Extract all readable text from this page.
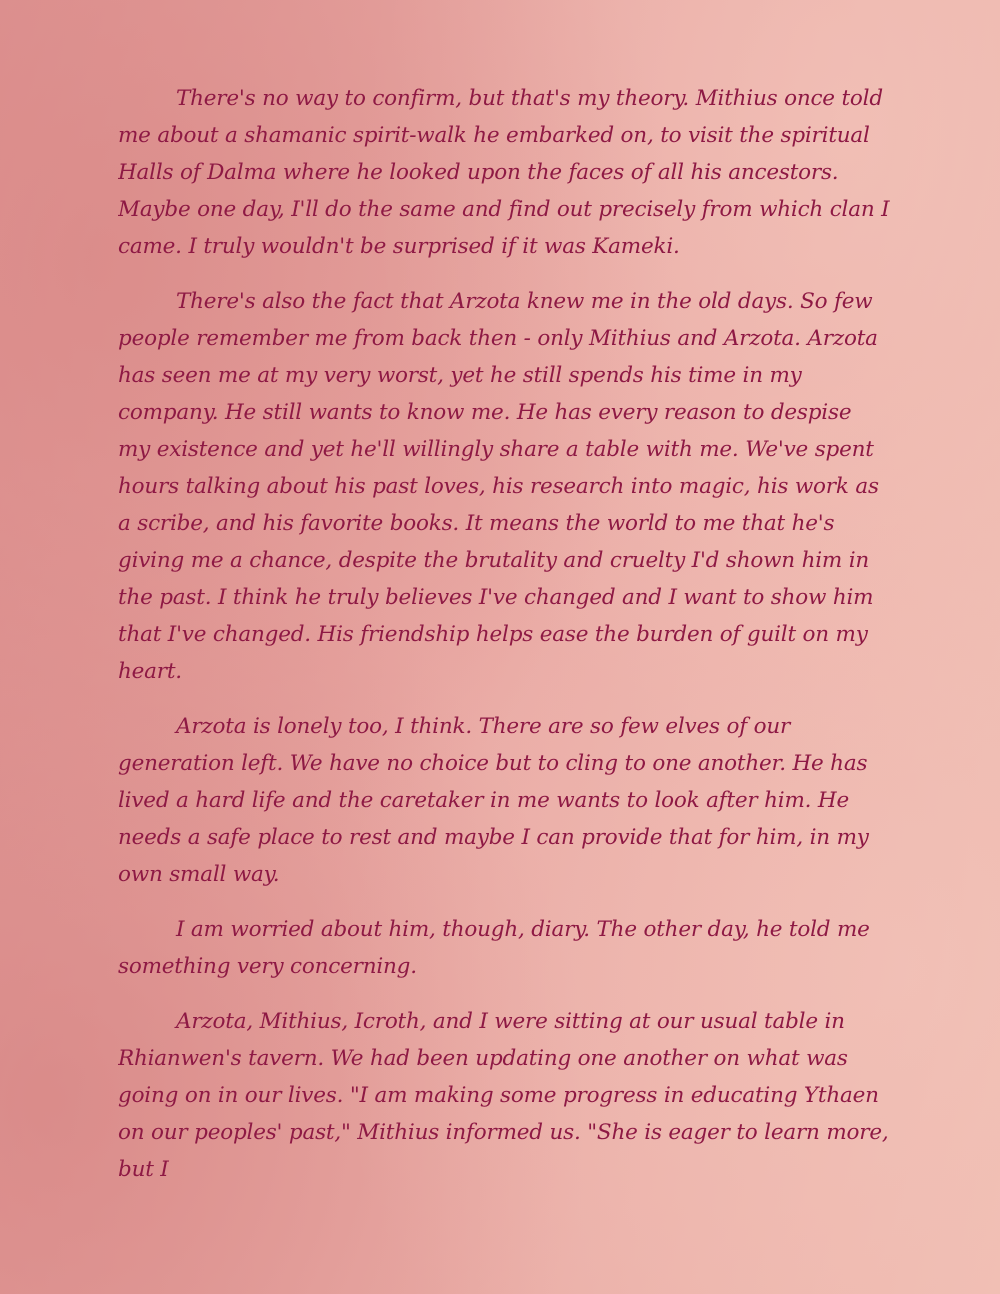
There's no way to confirm, but that's my theory. Mithius once told me about a shamanic spirit-walk he embarked on, to visit the spiritual Halls of Dalma where he looked upon the faces of all his ancestors. Maybe one day, I'll do the same and find out precisely from which clan I came. I truly wouldn't be surprised if it was Kameki.

There's also the fact that Arzota knew me in the old days. So few people remember me from back then - only Mithius and Arzota. Arzota has seen me at my very worst, yet he still spends his time in my company. He still wants to know me. He has every reason to despise my existence and yet he'll willingly share a table with me. We've spent hours talking about his past loves, his research into magic, his work as a scribe, and his favorite books. It means the world to me that he's giving me a chance, despite the brutality and cruelty I'd shown him in the past. I think he truly believes I've changed and I want to show him that I've changed. His friendship helps ease the burden of guilt on my heart.

Arzota is lonely too, I think. There are so few elves of our generation left. We have no choice but to cling to one another. He has lived a hard life and the caretaker in me wants to look after him. He needs a safe place to rest and maybe I can provide that for him, in my own small way.

I am worried about him, though, diary. The other day, he told me something very concerning.

Arzota, Mithius, Icroth, and I were sitting at our usual table in Rhianwen's tavern. We had been updating one another on what was going on in our lives. "I am making some progress in educating Ythaen on our peoples' past," Mithius informed us. "She is eager to learn more, but I
